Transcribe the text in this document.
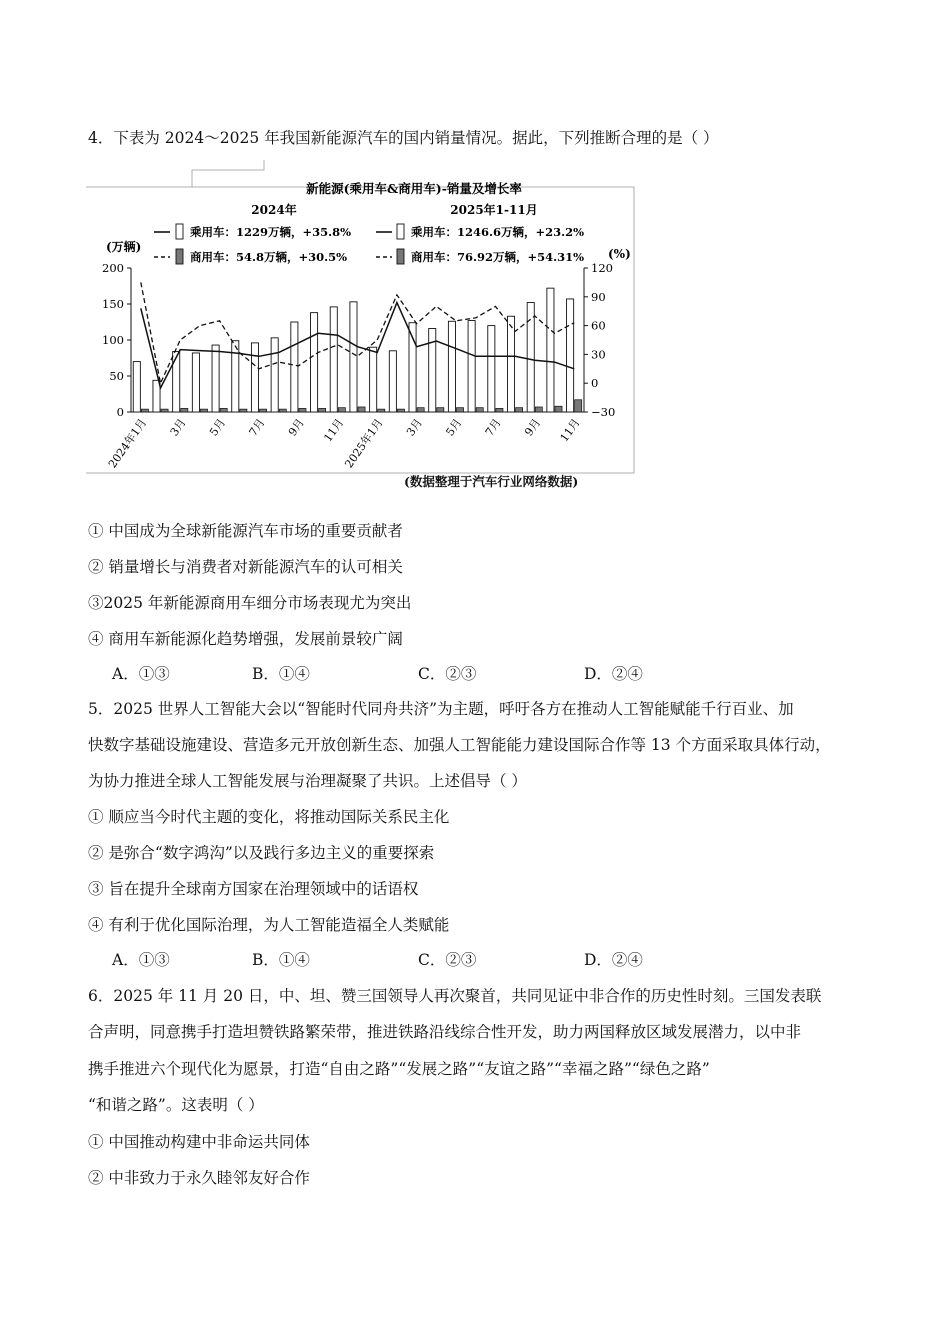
4．下表为 2024～2025 年我国新能源汽车的国内销量情况。据此，下列推断合理的是（ ）
新能源(乘用车&商用车)-销量及增长率
2024年	2025年1-11月
乘用车：1229万辆，+35.8%	乘用车：1246.6万辆，+23.2%
商用车：54.8万辆，+30.5%	商用车：76.92万辆，+54.31%
(万辆)	(%)
0
50
100
150
200
−30
0
30
60
90
120
2024年1月 3月 5月 7月 9月 11月
2025年1月 3月 5月 7月 9月 11月
(数据整理于汽车行业网络数据)
① 中国成为全球新能源汽车市场的重要贡献者
② 销量增长与消费者对新能源汽车的认可相关
③2025 年新能源商用车细分市场表现尤为突出
④ 商用车新能源化趋势增强，发展前景较广阔
A．①③	B．①④	C．②③	D．②④
5．2025 世界人工智能大会以“智能时代同舟共济”为主题，呼吁各方在推动人工智能赋能千行百业、加
快数字基础设施建设、营造多元开放创新生态、加强人工智能能力建设国际合作等 13 个方面采取具体行动，
为协力推进全球人工智能发展与治理凝聚了共识。上述倡导（ ）
① 顺应当今时代主题的变化，将推动国际关系民主化
② 是弥合“数字鸿沟”以及践行多边主义的重要探索
③ 旨在提升全球南方国家在治理领域中的话语权
④ 有利于优化国际治理，为人工智能造福全人类赋能
A．①③	B．①④	C．②③	D．②④
6．2025 年 11 月 20 日，中、坦、赞三国领导人再次聚首，共同见证中非合作的历史性时刻。三国发表联
合声明，同意携手打造坦赞铁路繁荣带，推进铁路沿线综合性开发，助力两国释放区域发展潜力，以中非
携手推进六个现代化为愿景，打造“自由之路”“发展之路”“友谊之路”“幸福之路”“绿色之路”
“和谐之路”。这表明（ ）
① 中国推动构建中非命运共同体
② 中非致力于永久睦邻友好合作
